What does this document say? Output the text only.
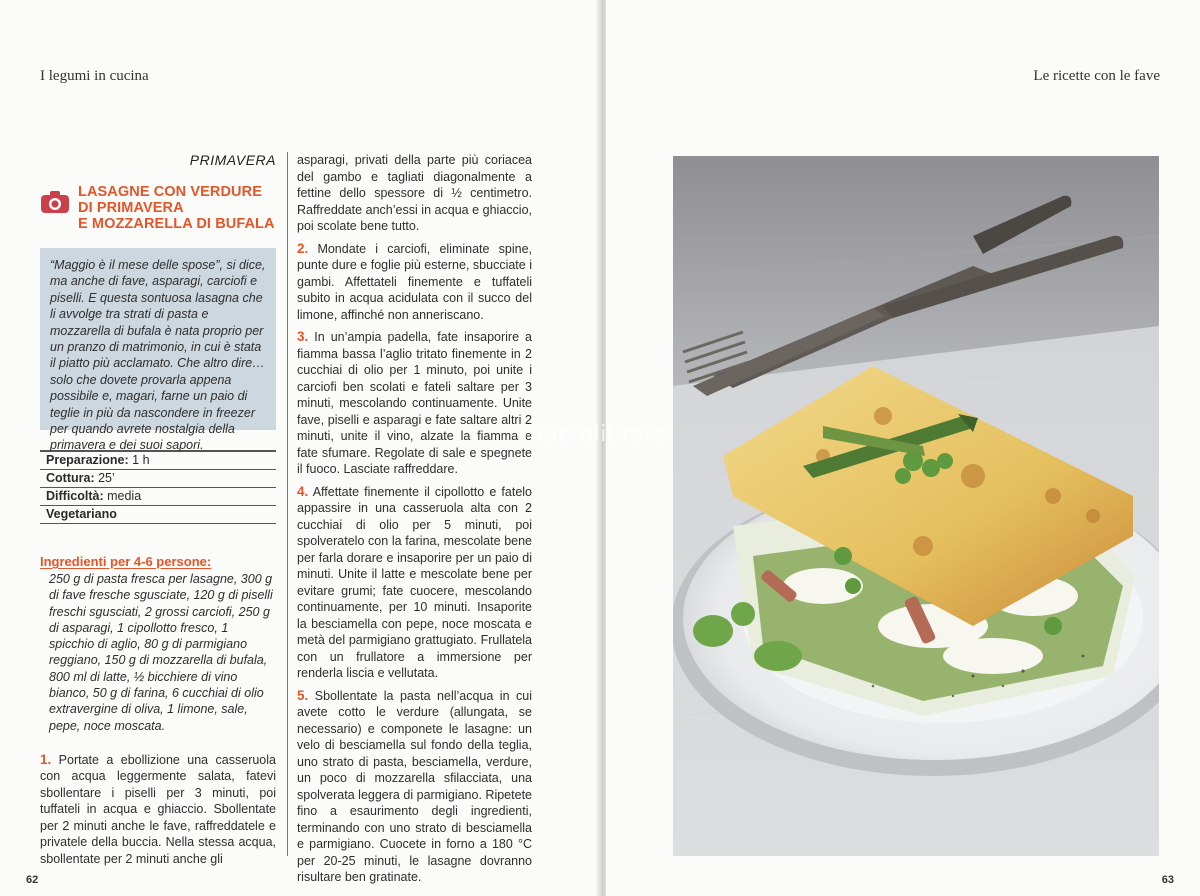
I legumi in cucina
PRIMAVERA
LASAGNE CON VERDURE
DI PRIMAVERA
E MOZZARELLA DI BUFALA
“Maggio è il mese delle spose”, si dice, ma anche di fave, asparagi, carciofi e piselli. E questa sontuosa lasagna che li avvolge tra strati di pasta e mozzarella di bufala è nata proprio per un pranzo di matrimonio, in cui è stata il piatto più acclamato. Che altro dire… solo che dovete provarla appena possibile e, magari, farne un paio di teglie in più da nascondere in freezer per quando avrete nostalgia della primavera e dei suoi sapori.
Preparazione: 1 h
Cottura: 25’
Difficoltà: media
Vegetariano
Ingredienti per 4-6 persone:
250 g di pasta fresca per lasagne, 300 g di fave fresche sgusciate, 120 g di piselli freschi sgusciati, 2 grossi carciofi, 250 g di asparagi, 1 cipollotto fresco, 1 spicchio di aglio, 80 g di parmigiano reggiano, 150 g di mozzarella di bufala, 800 ml di latte, ½ bicchiere di vino bianco, 50 g di farina, 6 cucchiai di olio extravergine di oliva, 1 limone, sale, pepe, noce moscata.
1. Portate a ebollizione una casseruola con acqua leggermente salata, fatevi sbollentare i piselli per 3 minuti, poi tuffateli in acqua e ghiaccio. Sbollentate per 2 minuti anche le fave, raffreddatele e privatele della buccia. Nella stessa acqua, sbollentate per 2 minuti anche gli
asparagi, privati della parte più coriacea del gambo e tagliati diagonalmente a fettine dello spessore di ½ centimetro. Raffreddate anch’essi in acqua e ghiaccio, poi scolate bene tutto.
2. Mondate i carciofi, eliminate spine, punte dure e foglie più esterne, sbucciate i gambi. Affettateli finemente e tuffateli subito in acqua acidulata con il succo del limone, affinché non anneriscano.
3. In un’ampia padella, fate insaporire a fiamma bassa l’aglio tritato finemente in 2 cucchiai di olio per 1 minuto, poi unite i carciofi ben scolati e fateli saltare per 3 minuti, mescolando continuamente. Unite fave, piselli e asparagi e fate saltare altri 2 minuti, unite il vino, alzate la fiamma e fate sfumare. Regolate di sale e spegnete il fuoco. Lasciate raffreddare.
4. Affettate finemente il cipollotto e fatelo appassire in una casseruola alta con 2 cucchiai di olio per 5 minuti, poi spolveratelo con la farina, mescolate bene per farla dorare e insaporire per un paio di minuti. Unite il latte e mescolate bene per evitare grumi; fate cuocere, mescolando continuamente, per 10 minuti. Insaporite la besciamella con pepe, noce moscata e metà del parmigiano grattugiato. Frullatela con un frullatore a immersione per renderla liscia e vellutata.
5. Sbollentate la pasta nell’acqua in cui avete cotto le verdure (allungata, se necessario) e componete le lasagne: un velo di besciamella sul fondo della teglia, uno strato di pasta, besciamella, verdure, un poco di mozzarella sfilacciata, una spolverata leggera di parmigiano. Ripetete fino a esaurimento degli ingredienti, terminando con uno strato di besciamella e parmigiano. Cuocete in forno a 180 °C per 20-25 minuti, le lasagne dovranno risultare ben gratinate.
62
Le ricette con le fave
63
macrolibrarsi
